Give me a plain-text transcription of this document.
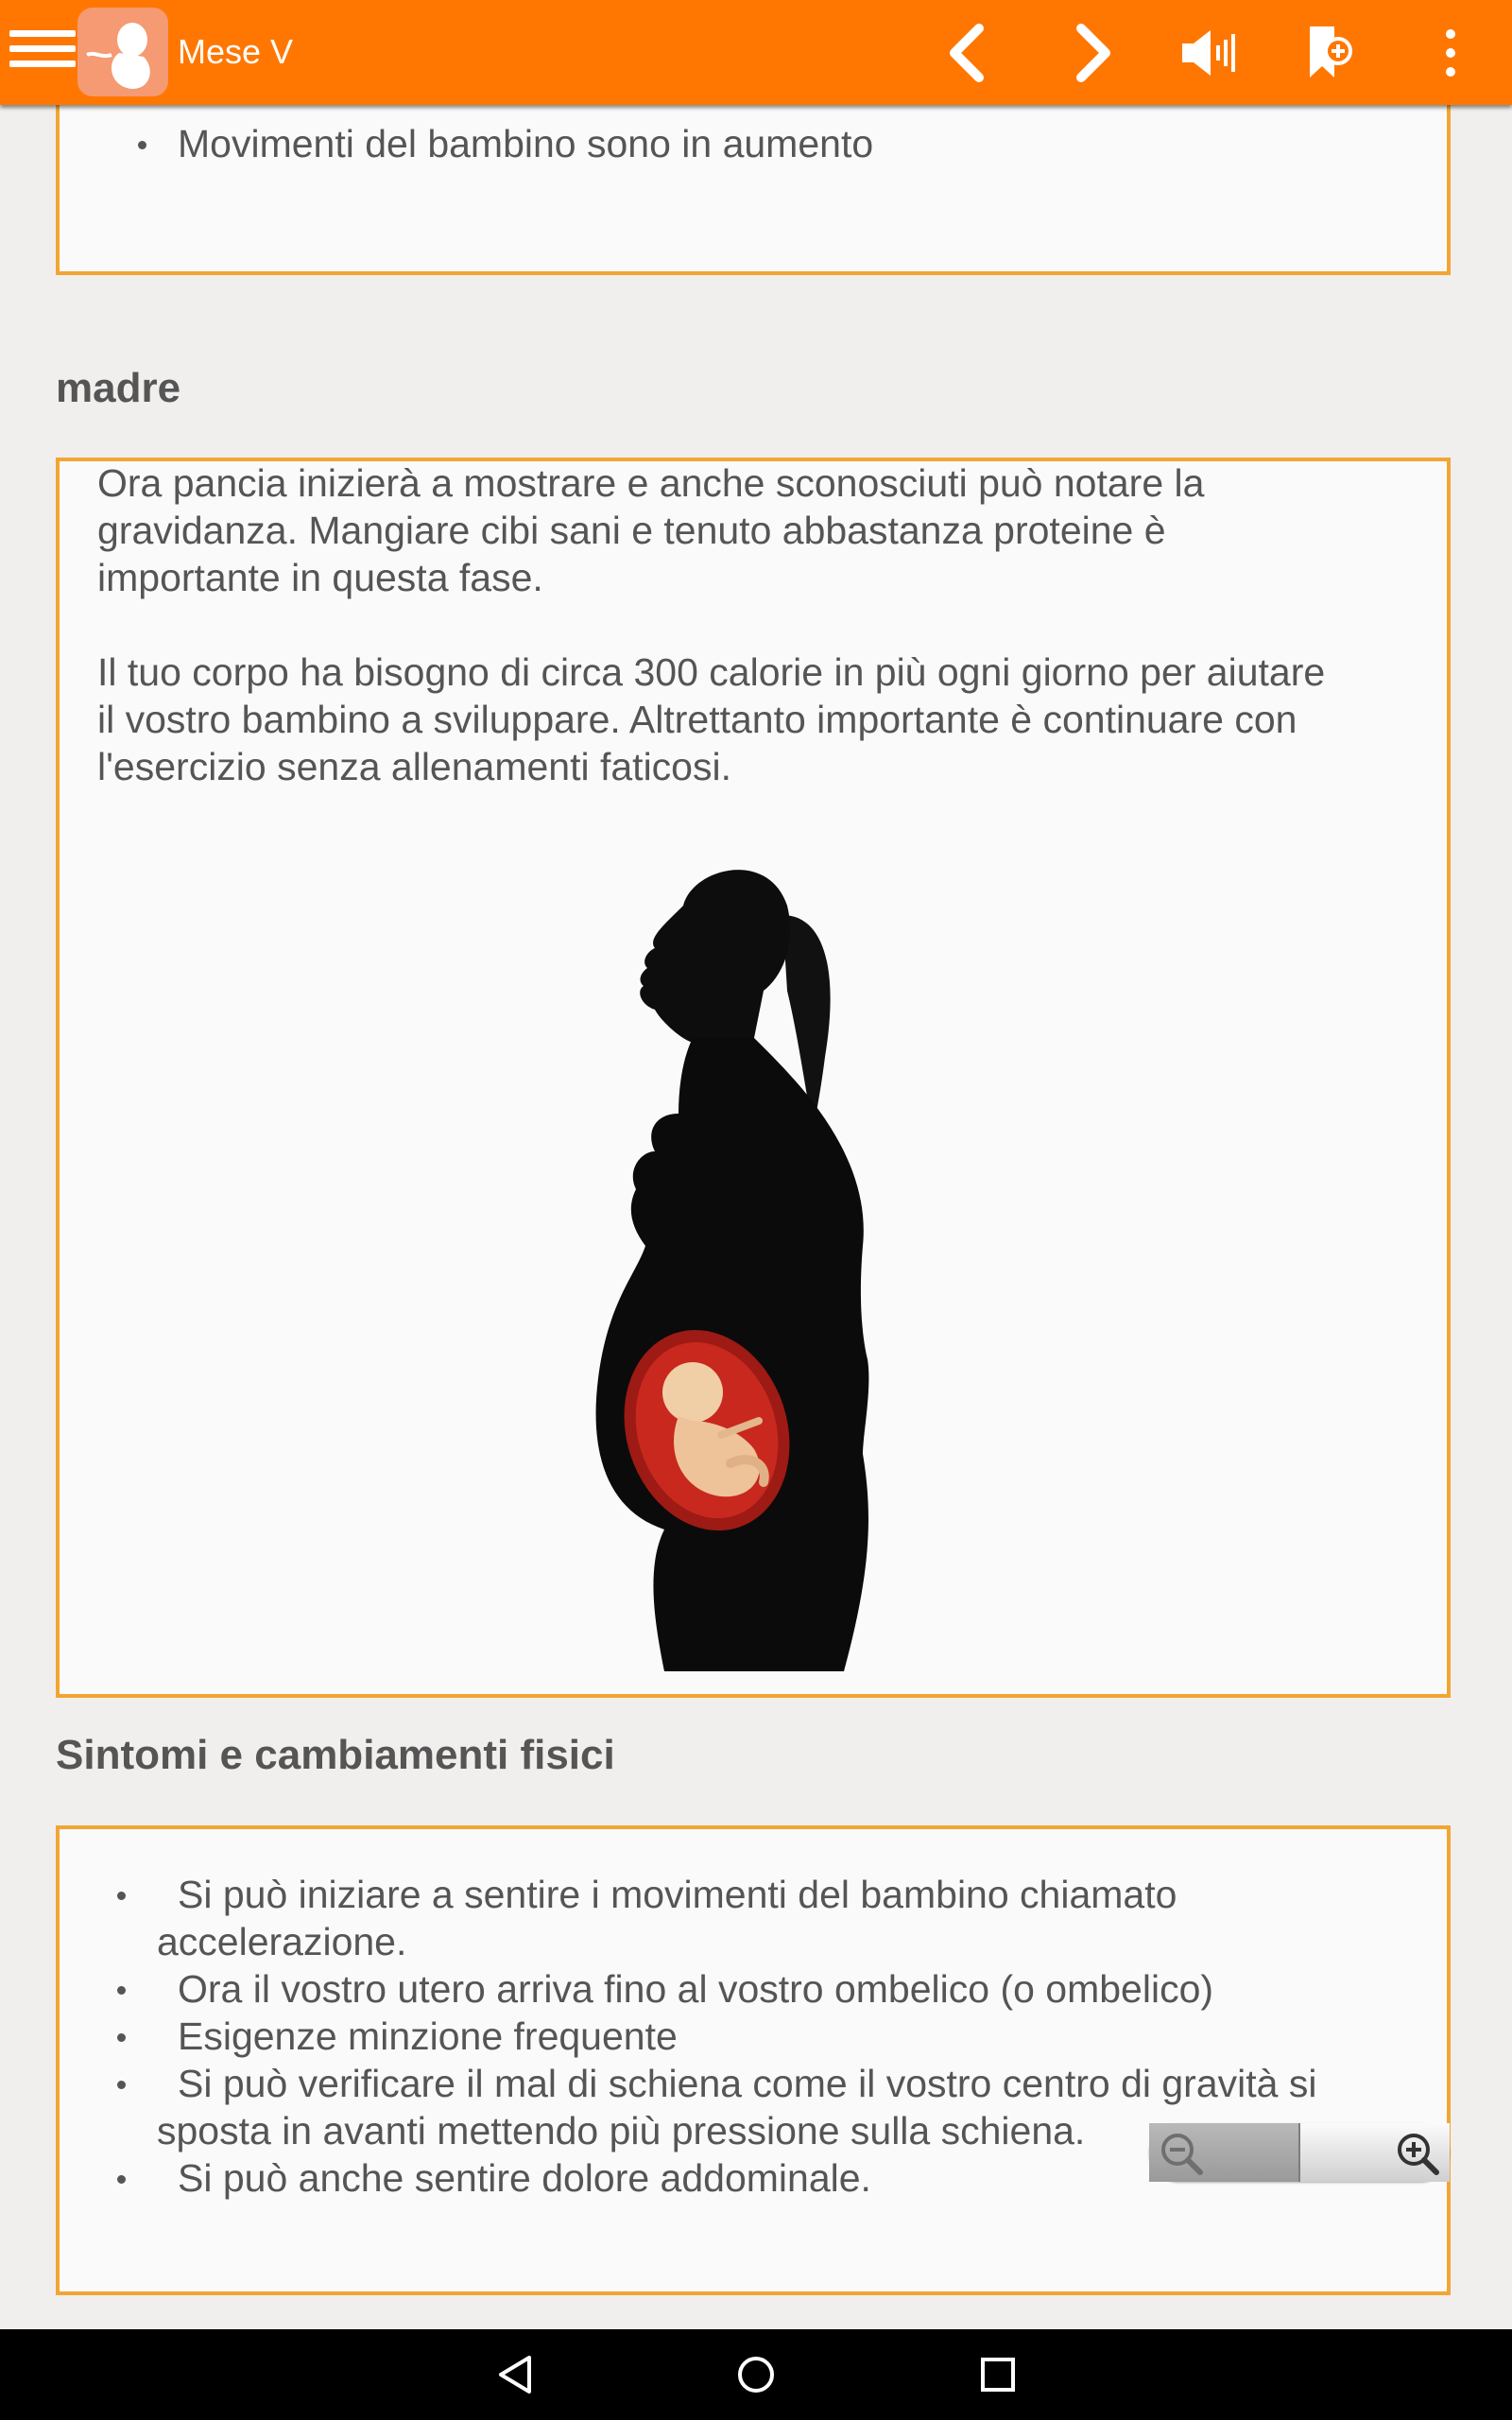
Mese V
Movimenti del bambino sono in aumento
madre

Ora pancia inizierà a mostrare e anche sconosciuti può notare la gravidanza. Mangiare cibi sani e tenuto abbastanza proteine è importante in questa fase.

Il tuo corpo ha bisogno di circa 300 calorie in più ogni giorno per aiutare il vostro bambino a sviluppare. Altrettanto importante è continuare con l'esercizio senza allenamenti faticosi.

Sintomi e cambiamenti fisici
Si può iniziare a sentire i movimenti del bambino chiamato accelerazione.
Ora il vostro utero arriva fino al vostro ombelico (o ombelico)
Esigenze minzione frequente
Si può verificare il mal di schiena come il vostro centro di gravità si sposta in avanti mettendo più pressione sulla schiena.
Si può anche sentire dolore addominale.
